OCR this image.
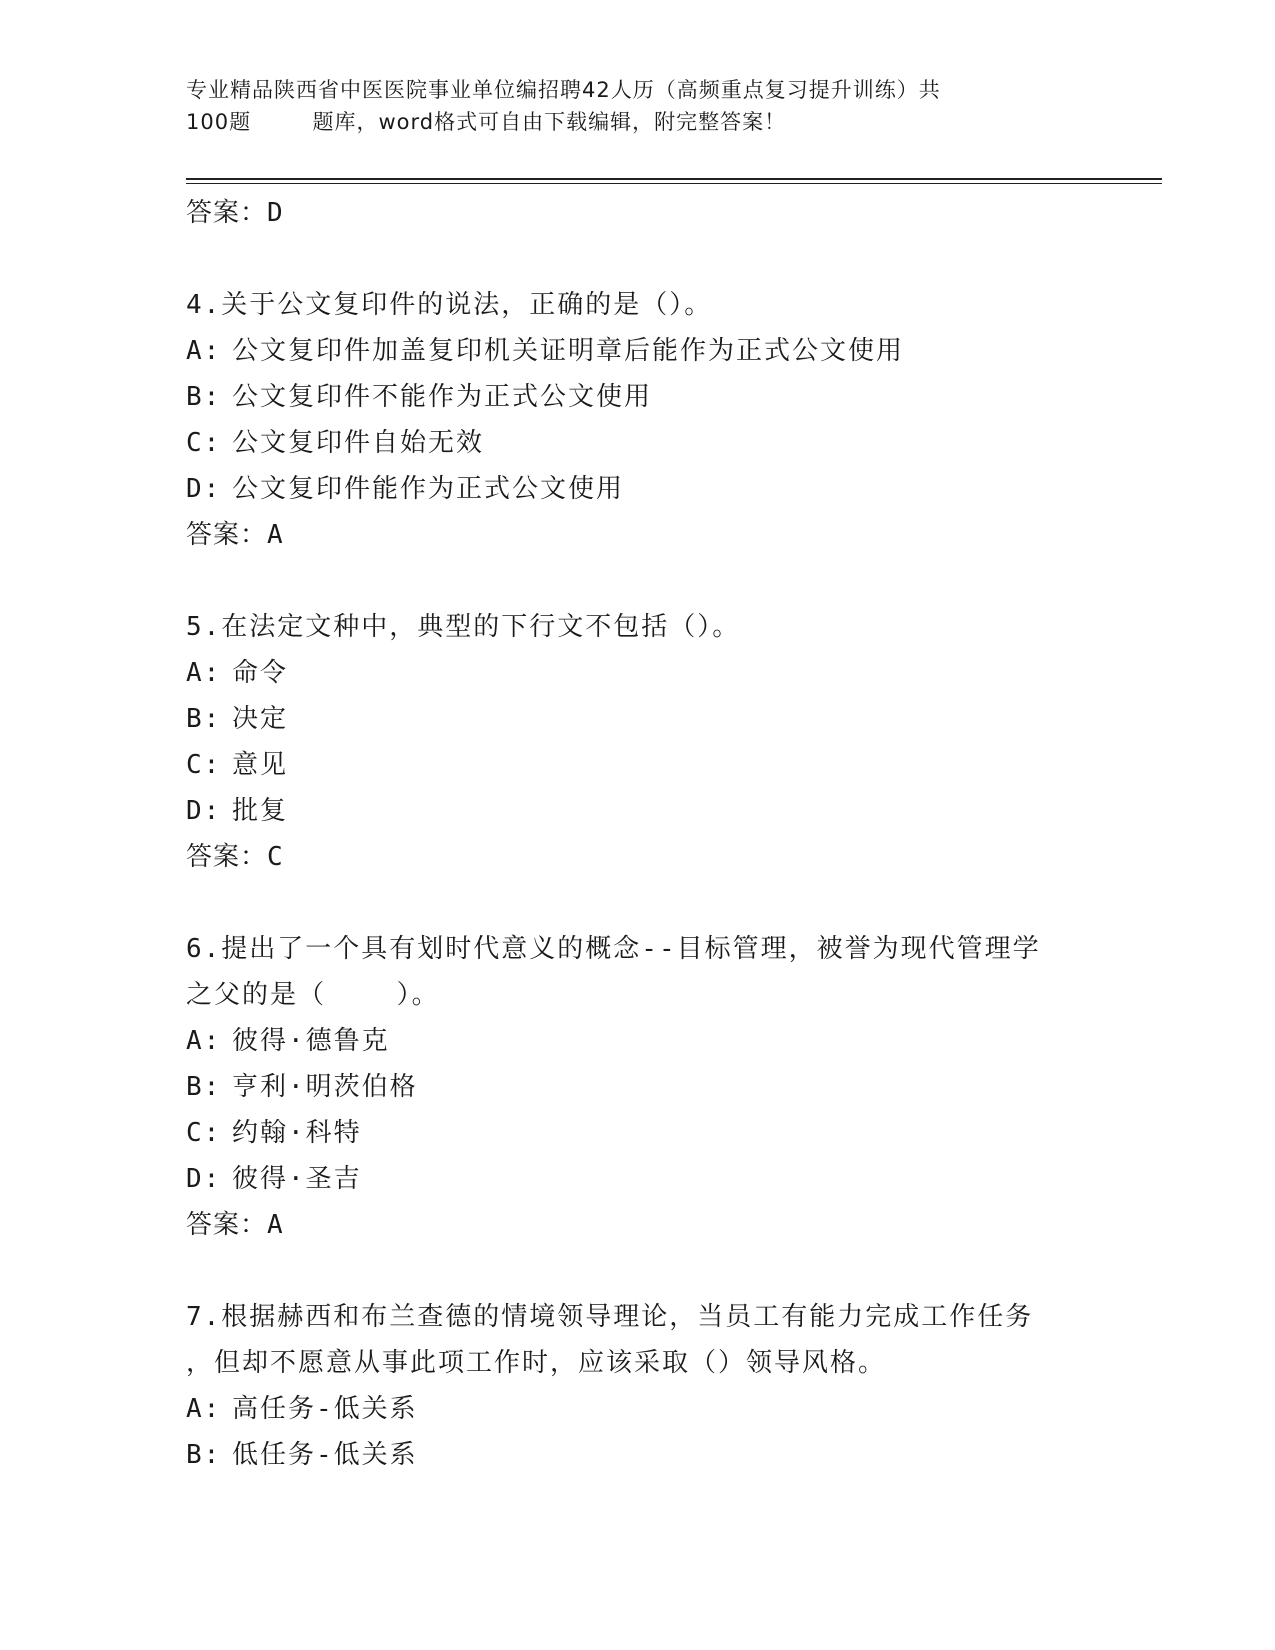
专业精品陕西省中医医院事业单位编招聘42人历（高频重点复习提升训练）共
100题        题库，word格式可自由下载编辑，附完整答案！
答案：D
4.关于公文复印件的说法，正确的是（）。
A: 公文复印件加盖复印机关证明章后能作为正式公文使用
B: 公文复印件不能作为正式公文使用
C: 公文复印件自始无效
D: 公文复印件能作为正式公文使用
答案：A
5.在法定文种中，典型的下行文不包括（）。
A: 命令
B: 决定
C: 意见
D: 批复
答案：C
6.提出了一个具有划时代意义的概念--目标管理，被誉为现代管理学
之父的是（    ）。
A: 彼得·德鲁克
B: 亨利·明茨伯格
C: 约翰·科特
D: 彼得·圣吉
答案：A
7.根据赫西和布兰查德的情境领导理论，当员工有能力完成工作任务
，但却不愿意从事此项工作时，应该采取（）领导风格。
A: 高任务-低关系
B: 低任务-低关系
